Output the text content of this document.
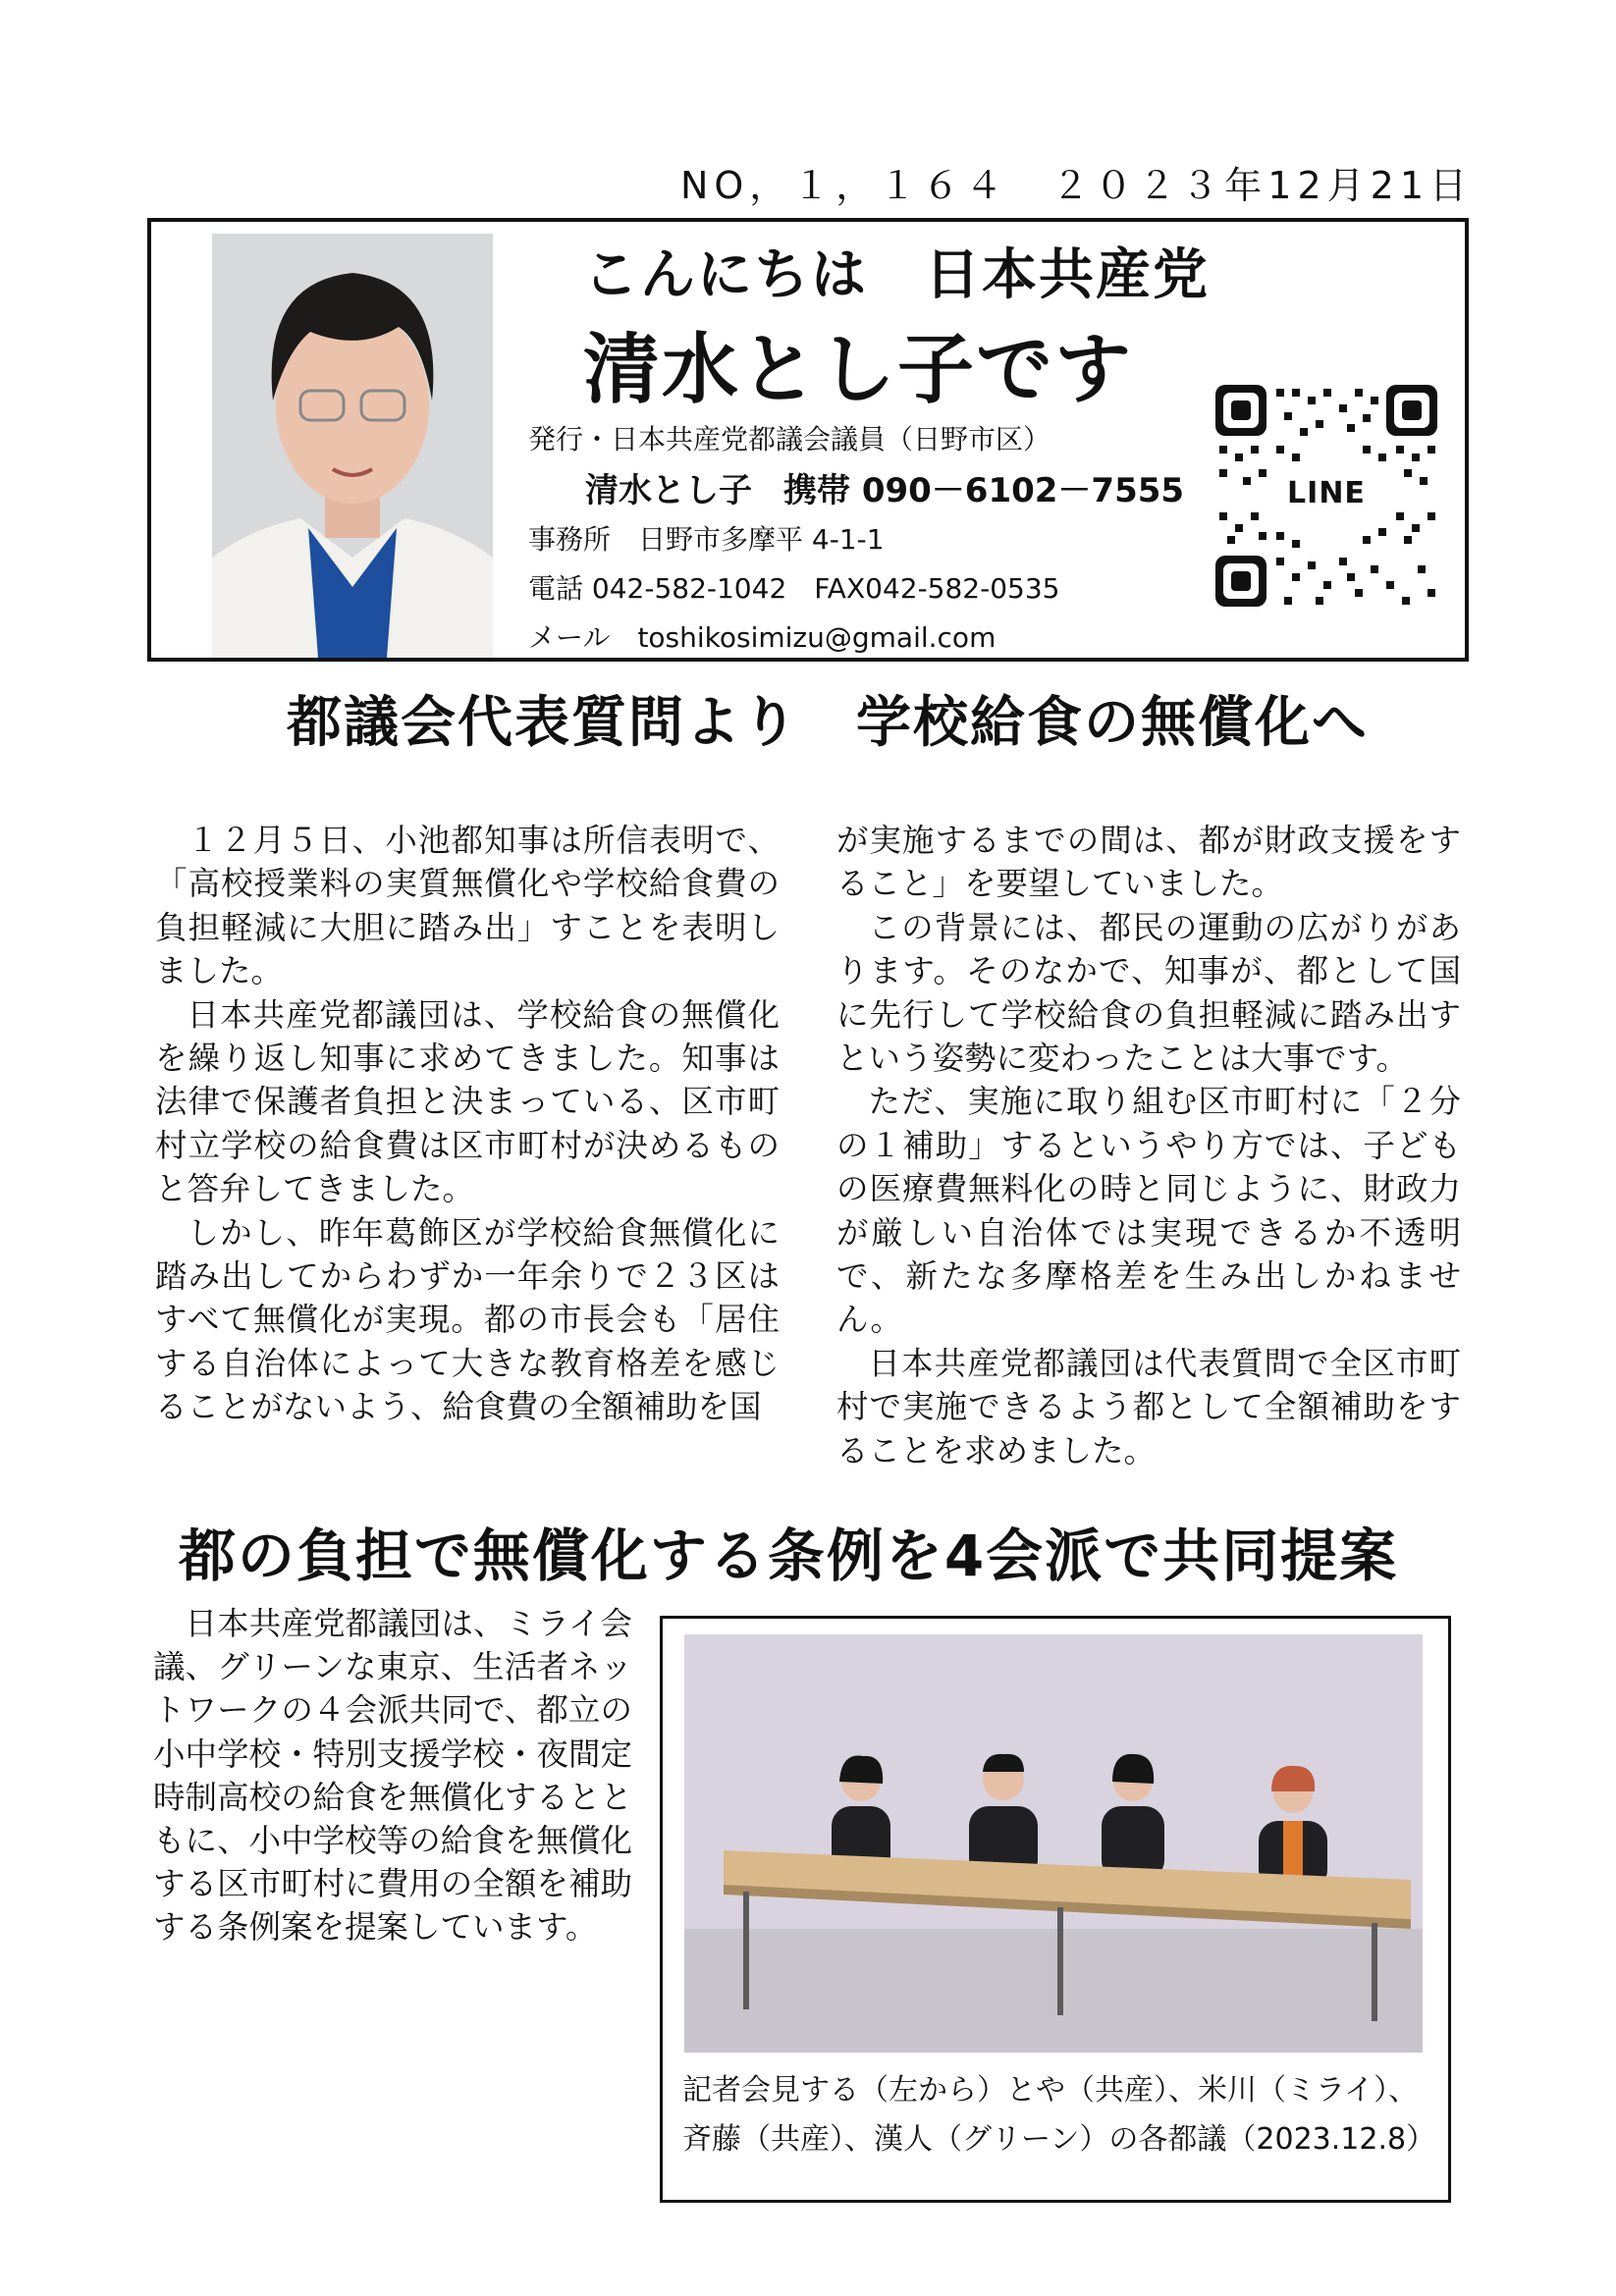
NO，１，１６４　２０２３年12月21日
こんにちは　日本共産党
清水とし子です
発行・日本共産党都議会議員（日野市区）
清水とし子 携帯 090－6102－7555
事務所　日野市多摩平 4-1-1
電話 042-582-1042　FAX042-582-0535
メール　toshikosimizu@gmail.com
LINE
都議会代表質問より　学校給食の無償化へ

１２月５日、小池都知事は所信表明で、「高校授業料の実質無償化や学校給食費の負担軽減に大胆に踏み出」すことを表明しました。

日本共産党都議団は、学校給食の無償化を繰り返し知事に求めてきました。知事は法律で保護者負担と決まっている、区市町村立学校の給食費は区市町村が決めるものと答弁してきました。

しかし、昨年葛飾区が学校給食無償化に踏み出してからわずか一年余りで２３区はすべて無償化が実現。都の市長会も「居住する自治体によって大きな教育格差を感じることがないよう、給食費の全額補助を国

が実施するまでの間は、都が財政支援をすること」を要望していました。

この背景には、都民の運動の広がりがあります。そのなかで、知事が、都として国に先行して学校給食の負担軽減に踏み出すという姿勢に変わったことは大事です。

ただ、実施に取り組む区市町村に「２分の１補助」するというやり方では、子どもの医療費無料化の時と同じように、財政力が厳しい自治体では実現できるか不透明で、新たな多摩格差を生み出しかねません。

日本共産党都議団は代表質問で全区市町村で実施できるよう都として全額補助をすることを求めました。

都の負担で無償化する条例を4会派で共同提案

日本共産党都議団は、ミライ会議、グリーンな東京、生活者ネットワークの４会派共同で、都立の小中学校・特別支援学校・夜間定時制高校の給食を無償化するとともに、小中学校等の給食を無償化する区市町村に費用の全額を補助する条例案を提案しています。

記者会見する（左から）とや（共産）、米川（ミライ）、斉藤（共産）、漢人（グリーン）の各都議（2023.12.8）
